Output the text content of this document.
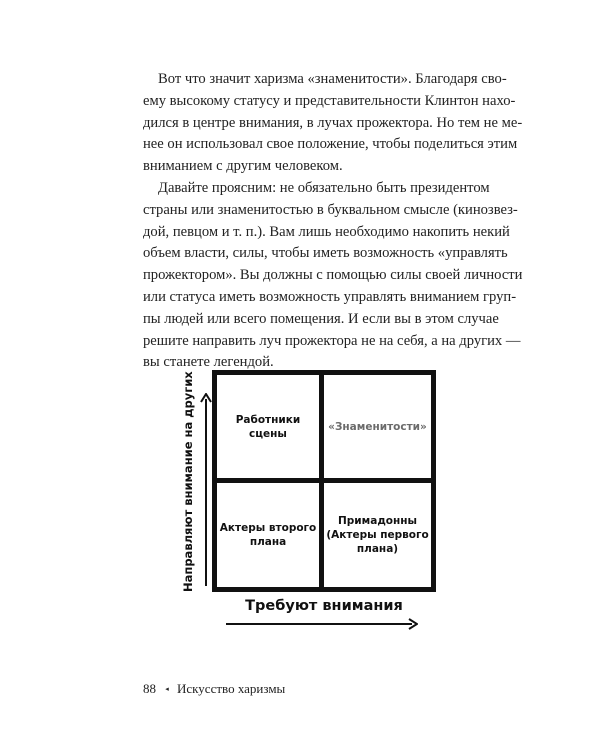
Вот что значит харизма «знаменитости». Благодаря сво-
ему высокому статусу и представительности Клинтон нахо-
дился в центре внимания, в лучах прожектора. Но тем не ме-
нее он использовал свое положение, чтобы поделиться этим
вниманием с другим человеком.
Давайте проясним: не обязательно быть президентом
страны или знаменитостью в буквальном смысле (кинозвез-
дой, певцом и т. п.). Вам лишь необходимо накопить некий
объем власти, силы, чтобы иметь возможность «управлять
прожектором». Вы должны с помощью силы своей личности
или статуса иметь возможность управлять вниманием груп-
пы людей или всего помещения. И если вы в этом случае
решите направить луч прожектора не на себя, а на других —
вы станете легендой.
Работники сцены
«Знаменитости»
Актеры второго
плана
Примадонны
(Актеры первого
плана)
Направляют внимание на других
Требуют внимания
88 ◂ Искусство харизмы
